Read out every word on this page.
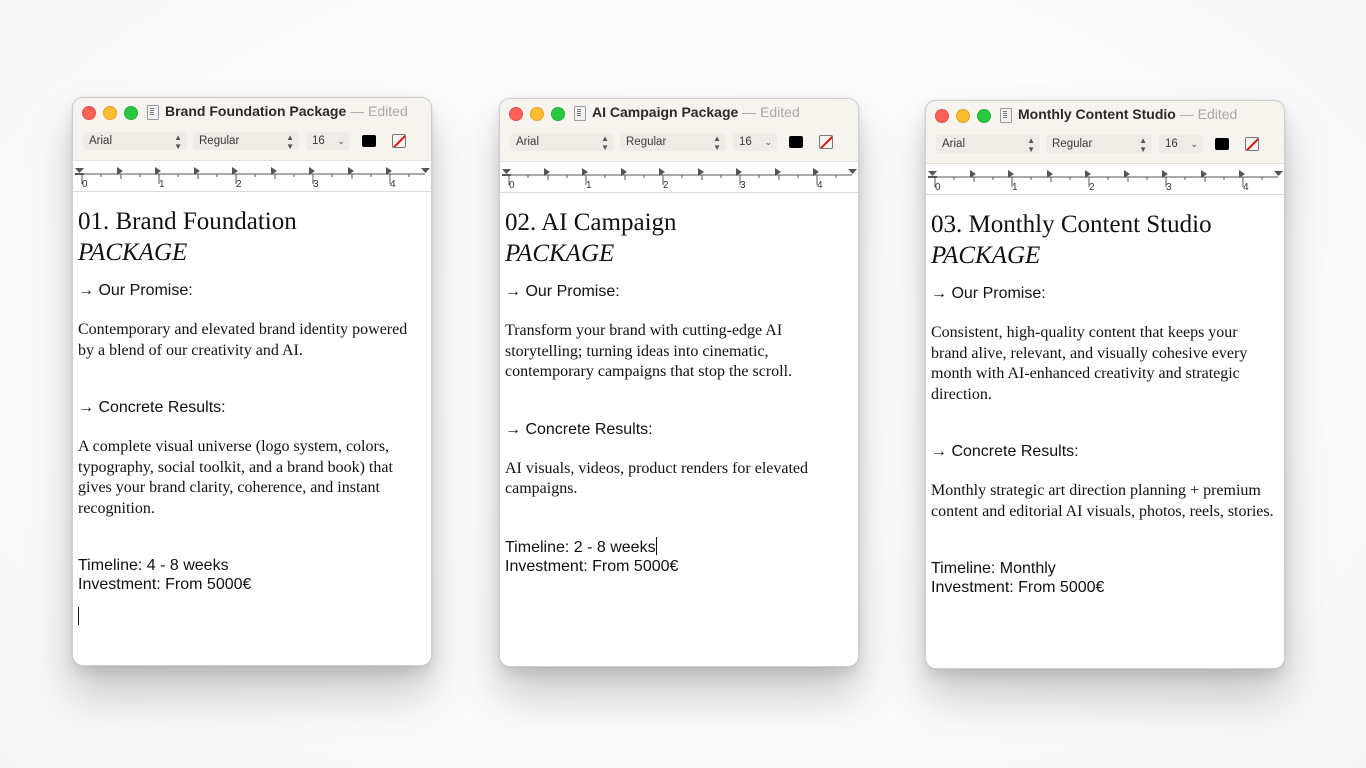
Brand Foundation Package — Edited
Arial	▲
▼	Regular	▲
▼	16 ⌄
0	1	2	3	4

01. Brand Foundation

PACKAGE

→ Our Promise:

Contemporary and elevated brand identity powered by a blend of our creativity and AI.

→ Concrete Results:

A complete visual universe (logo system, colors, typography, social toolkit, and a brand book) that gives your brand clarity, coherence, and instant recognition.

Timeline: 4 - 8 weeks

Investment: From 5000€

AI Campaign Package — Edited
Arial	▲
▼	Regular	▲
▼	16 ⌄
0	1	2	3	4

02. AI Campaign

PACKAGE

→ Our Promise:

Transform your brand with cutting-edge AI storytelling; turning ideas into cinematic, contemporary campaigns that stop the scroll.

→ Concrete Results:

AI visuals, videos, product renders for elevated campaigns.

Timeline: 2 - 8 weeks

Investment: From 5000€

Monthly Content Studio — Edited
Arial	▲
▼	Regular	▲
▼	16 ⌄
0	1	2	3	4

03. Monthly Content Studio

PACKAGE

→ Our Promise:

Consistent, high-quality content that keeps your brand alive, relevant, and visually cohesive every month with AI-enhanced creativity and strategic direction.

→ Concrete Results:

Monthly strategic art direction planning + premium content and editorial AI visuals, photos, reels, stories.

Timeline: Monthly

Investment: From 5000€
